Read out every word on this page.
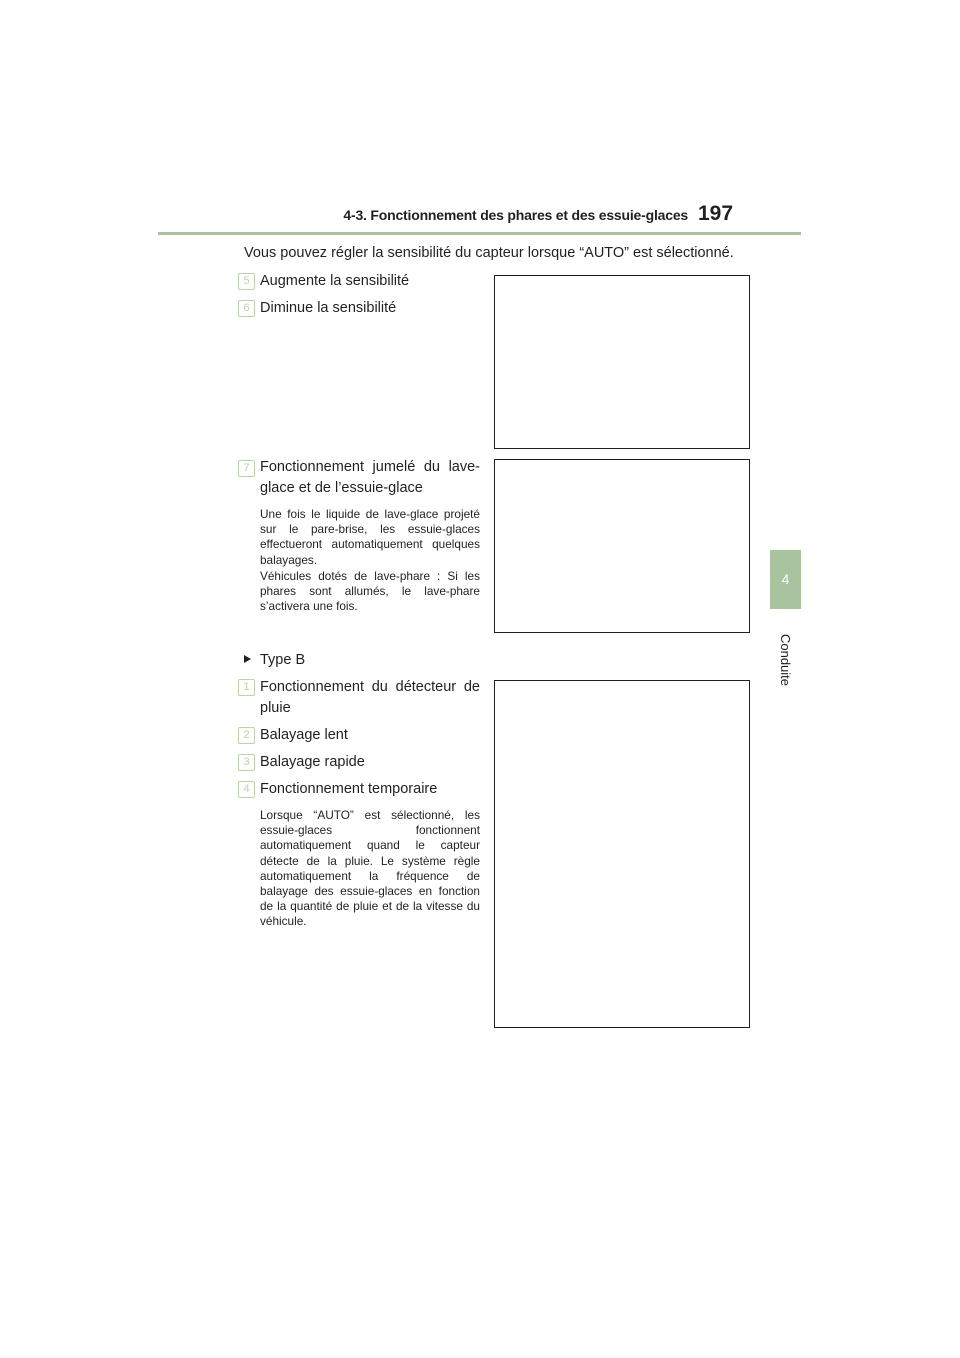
4-3. Fonctionnement des phares et des essuie-glaces 197
4
Conduite
Vous pouvez régler la sensibilité du capteur lorsque “AUTO” est sélectionné.
5 Augmente la sensibilité
6 Diminue la sensibilité
7 Fonctionnement jumelé du lave-glace et de l’essuie-glace
Une fois le liquide de lave-glace projeté sur le pare-brise, les essuie-glaces effectueront automatiquement quelques balayages.
Véhicules dotés de lave-phare : Si les phares sont allumés, le lave-phare s’activera une fois.
Type B
1 Fonctionnement du détecteur de pluie
2 Balayage lent
3 Balayage rapide
4 Fonctionnement temporaire
Lorsque “AUTO” est sélectionné, les essuie-glaces fonctionnent automatiquement quand le capteur détecte de la pluie. Le système règle automatiquement la fréquence de balayage des essuie-glaces en fonction de la quantité de pluie et de la vitesse du véhicule.
